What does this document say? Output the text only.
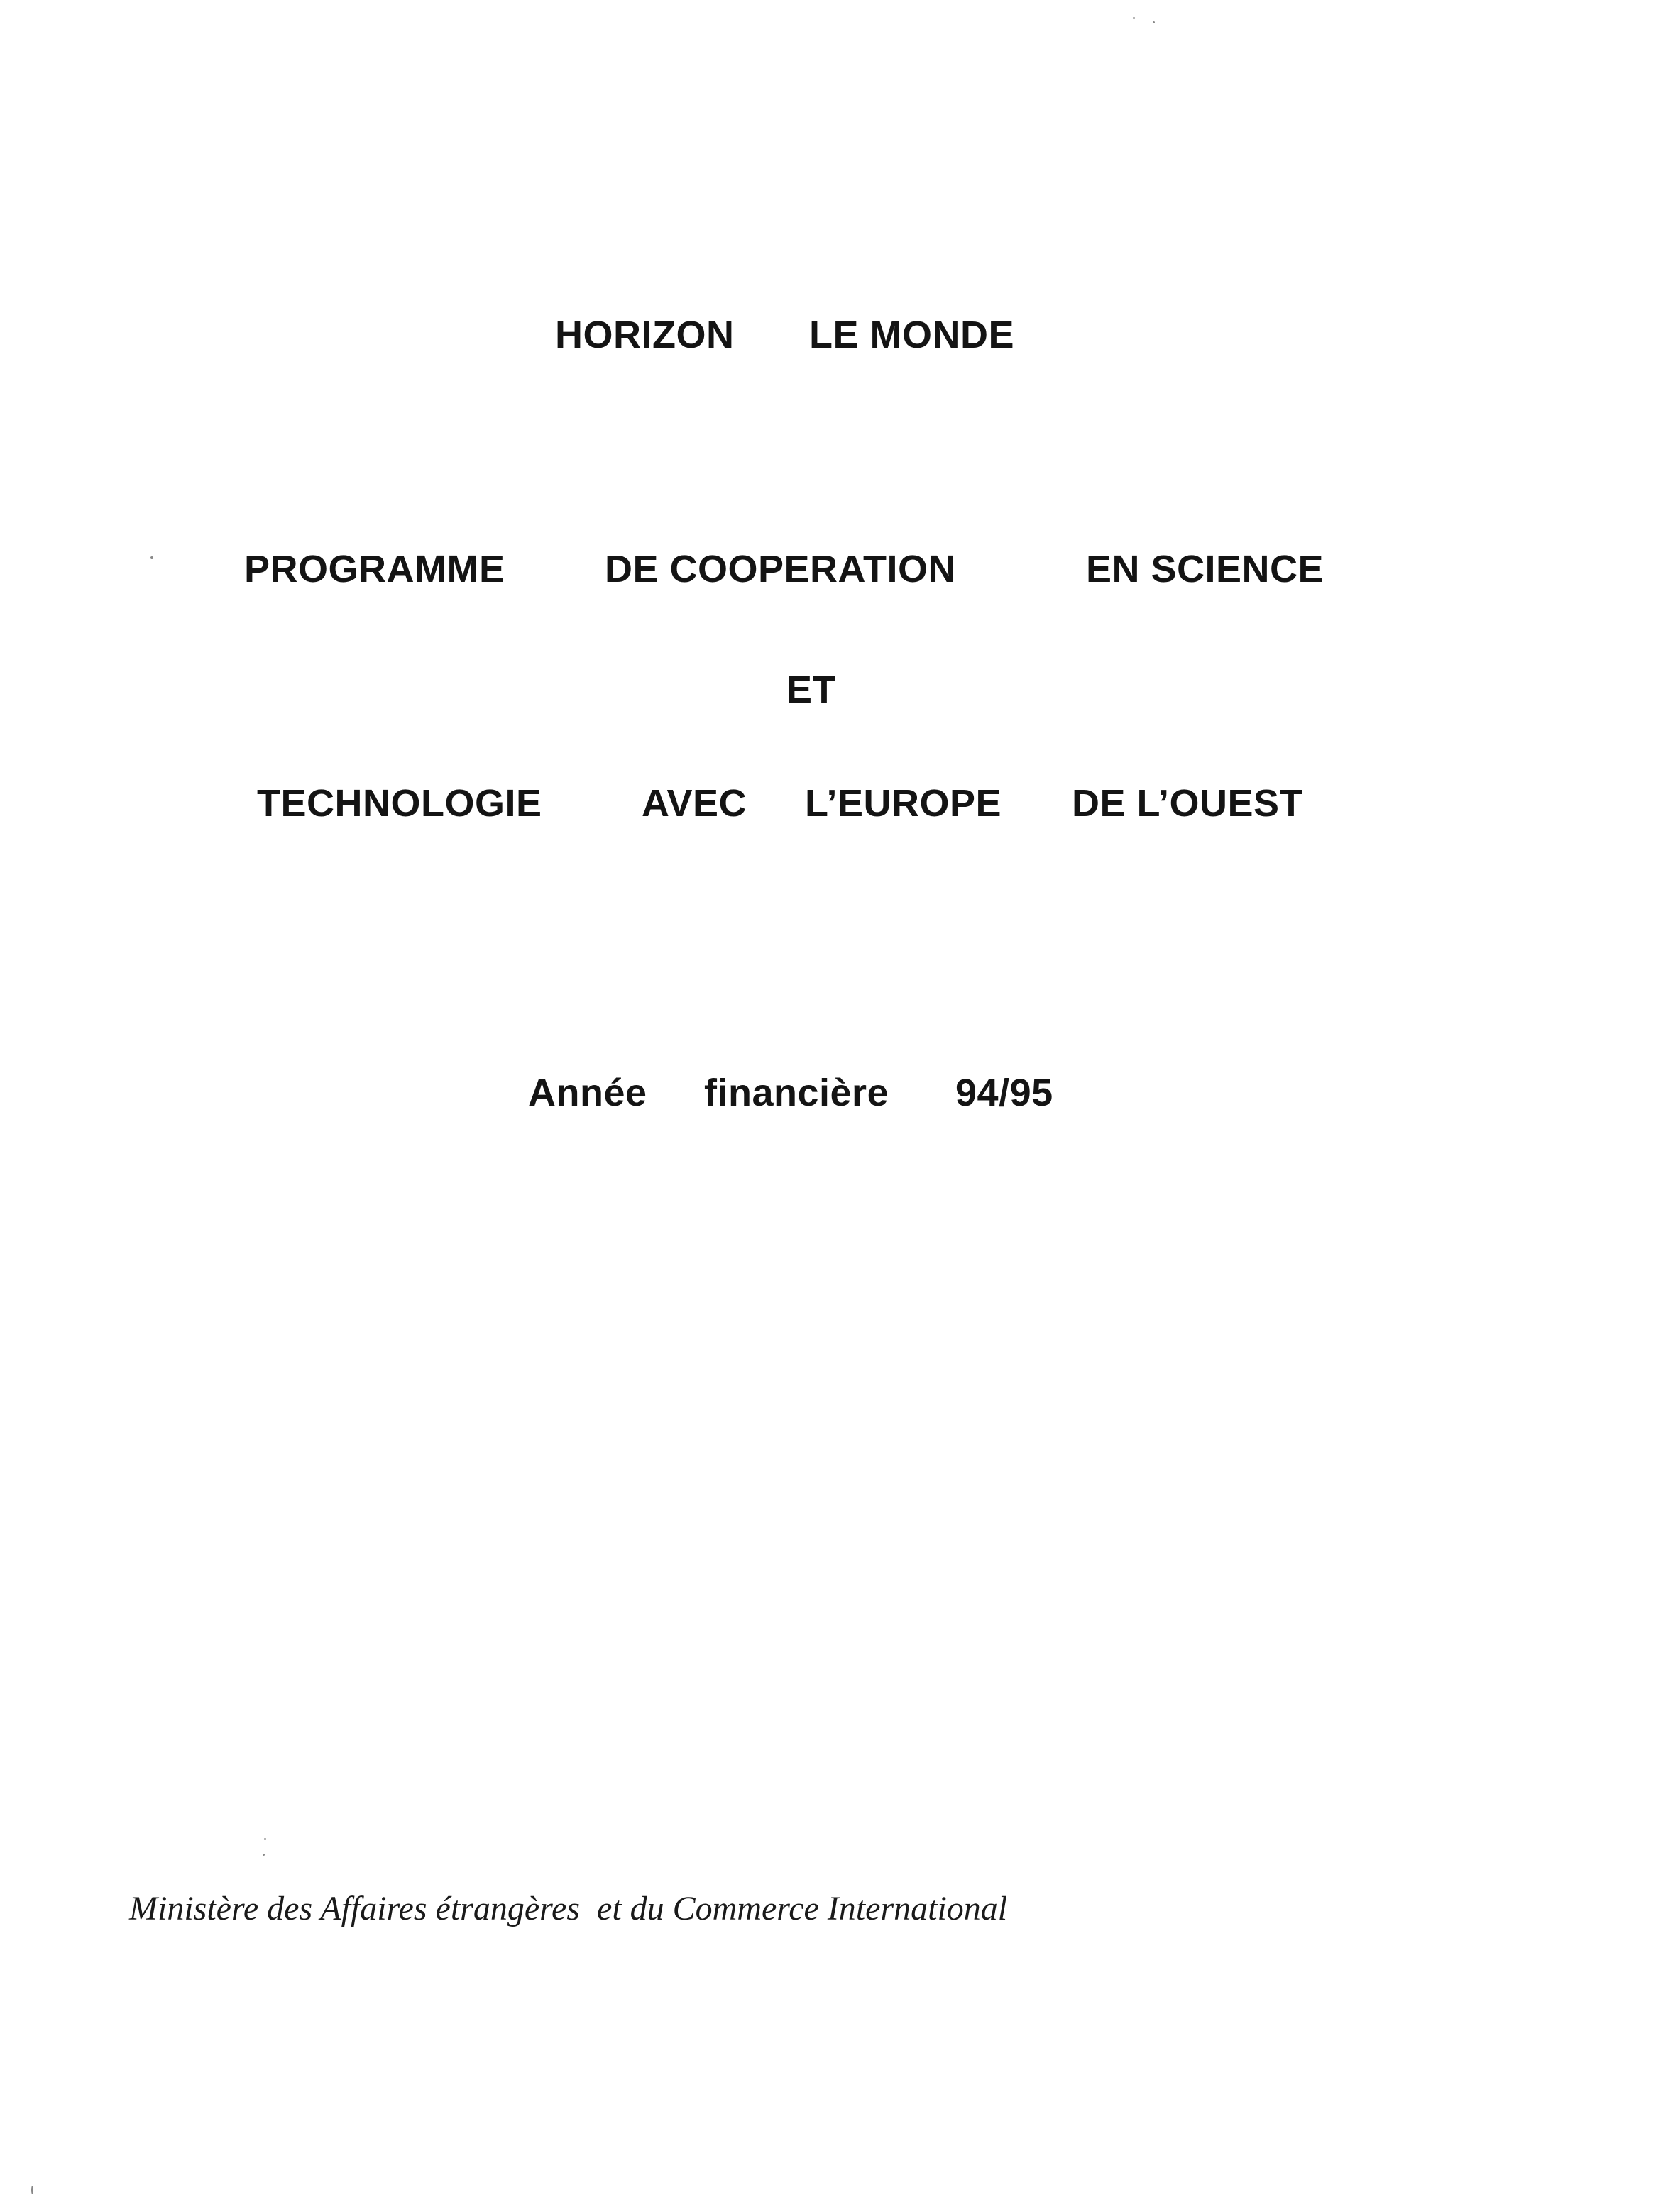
HORIZON

LE MONDE

PROGRAMME

	DE COOPERATION

	EN SCIENCE

ET

TECHNOLOGIE

	AVEC

L’EUROPE

DE L’OUEST

Année

financière

94/95

Ministère des Affaires étrangères  et du Commerce International
